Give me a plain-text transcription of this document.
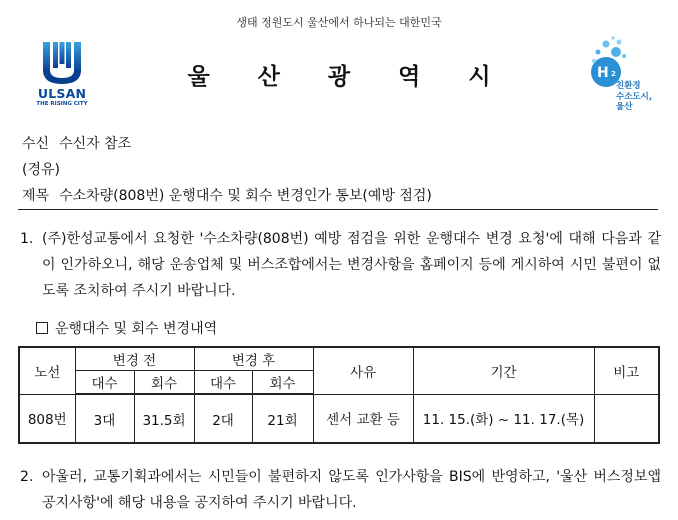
생태 정원도시 울산에서 하나되는 대한민국
ULSAN
THE RISING CITY
울 산 광 역 시	H 2
친환경
수소도시,
울산
수신 수신자 참조
(경유)
제목 수소차량(808번) 운행대수 및 회수 변경인가 통보(예방 점검)
1. (주)한성교통에서 요청한 '수소차량(808번) 예방 점검을 위한 운행대수 변경 요청'에 대해 다음과 같이 인가하오니, 해당 운송업체 및 버스조합에서는 변경사항을 홈페이지 등에 게시하여 시민 불편이 없도록 조치하여 주시기 바랍니다.
운행대수 및 회수 변경내역
노선	변경 전		변경 후		사유	기간	비고
	대수	회수	대수	회수			
808번	3대	31.5회	2대	21회	센서 교환 등	11. 15.(화) ~ 11. 17.(목)	
2. 아울러, 교통기획과에서는 시민들이 불편하지 않도록 인가사항을 BIS에 반영하고, '울산 버스정보앱 공지사항'에 해당 내용을 공지하여 주시기 바랍니다.
